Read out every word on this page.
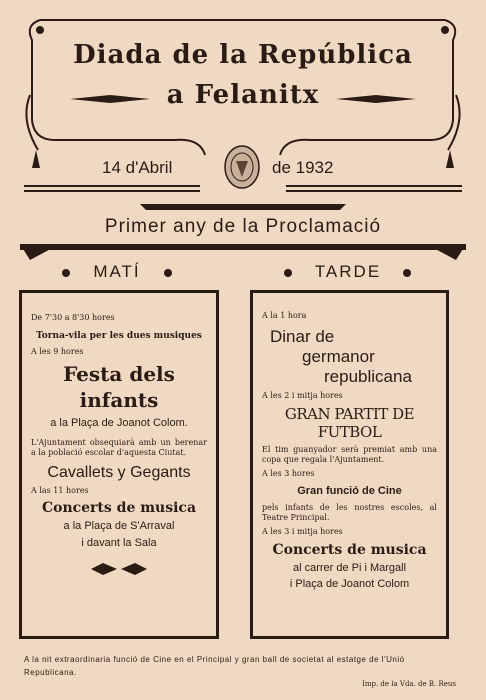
Diada de la República
a Felanitx
14 d'Abril	de 1932
Primer any de la Proclamació
MATÍ	TARDE
De 7'30 a 8'30 hores
Torna-vila per les dues musiques
A les 9 hores
Festa dels infants
a la Plaça de Joanot Colom.
L'Ajuntament obsequiarà amb un berenar a la població escolar d'aquesta Ciutat.
Cavallets y Gegants
A las 11 hores
Concerts de musica
a la Plaça de S'Arraval
i davant la Sala
A la 1 hora
Dinar de
germanor
republicana
A les 2 i mitja hores
GRAN PARTIT DE FUTBOL
El tim guanyador serà premiat amb una copa que regala l'Ajuntament.
A les 3 hores
Gran funció de Cine
pels infants de les nostres escoles, al Teatre Principal.
A les 3 i mitja hores
Concerts de musica
al carrer de Pi i Margall
i Plaça de Joanot Colom
A la nit extraordinaria funció de Cine en el Principal y gran ball de societat al estatge de l'Unió Republicana.
Imp. de la Vda. de B. Reus
